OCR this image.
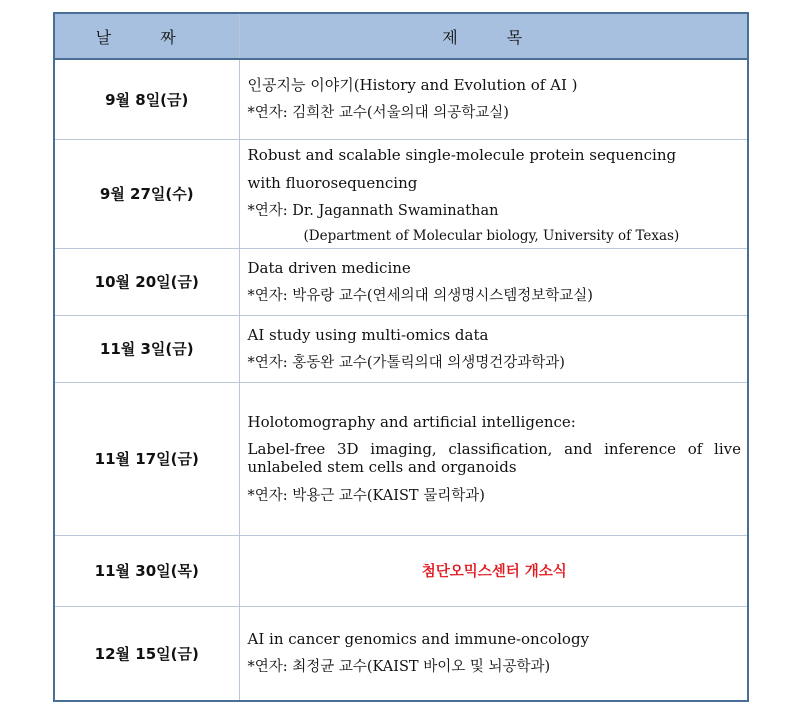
날 짜	제 목
9월 8일(금)	인공지능 이야기(History and Evolution of AI )
*연자: 김희찬 교수(서울의대 의공학교실)

9월 27일(수)	Robust and scalable single-molecule protein sequencing
with fluorosequencing
*연자: Dr. Jagannath Swaminathan
(Department of Molecular biology, University of Texas)

10월 20일(금)	Data driven medicine
*연자: 박유랑 교수(연세의대 의생명시스템정보학교실)

11월 3일(금)	AI study using multi-omics data
*연자: 홍동완 교수(가톨릭의대 의생명건강과학과)

11월 17일(금)	Holotomography and artificial intelligence:
Label-free 3D imaging, classification, and inference of live unlabeled stem cells and organoids
*연자: 박용근 교수(KAIST 물리학과)

11월 30일(목)	첨단오믹스센터 개소식
12월 15일(금)	AI in cancer genomics and immune-oncology
*연자: 최정균 교수(KAIST 바이오 및 뇌공학과)
